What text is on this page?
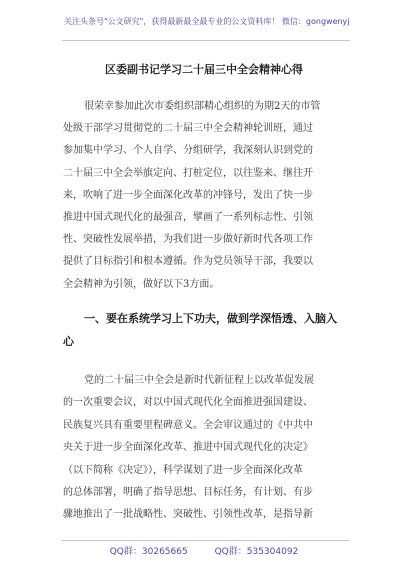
关注头条号"公文研究"，获得最新最全最专业的公文资料库！ 微信：gongwenyj
区委副书记学习二十届三中全会精神心得
很荣幸参加此次市委组织部精心组织的为期2天的市管
处级干部学习贯彻党的二十届三中全会精神轮训班，通过
参加集中学习、个人自学、分组研学，我深刻认识到党的
二十届三中全会举旗定向、打桩定位，以往鉴来、继往开
来，吹响了进一步全面深化改革的冲锋号，发出了快一步
推进中国式现代化的最强音，擘画了一系列标志性、引领
性、突破性发展举措，为我们进一步做好新时代各项工作
提供了目标指引和根本遵循。作为党员领导干部，我要以
全会精神为引领，做好以下3方面。
一、要在系统学习上下功夫，做到学深悟透、入脑入
心
党的二十届三中全会是新时代新征程上以改革促发展
的一次重要会议，对以中国式现代化全面推进强国建设、
民族复兴具有重要里程碑意义。全会审议通过的《中共中
央关于进一步全面深化改革、推进中国式现代化的决定》
（以下简称《决定》），科学谋划了进一步全面深化改革
的总体部署，明确了指导思想、目标任务，有计划、有步
骤地推出了一批战略性、突破性、引领性改革，是指导新
QQ群：30265665	QQ群：535304092
